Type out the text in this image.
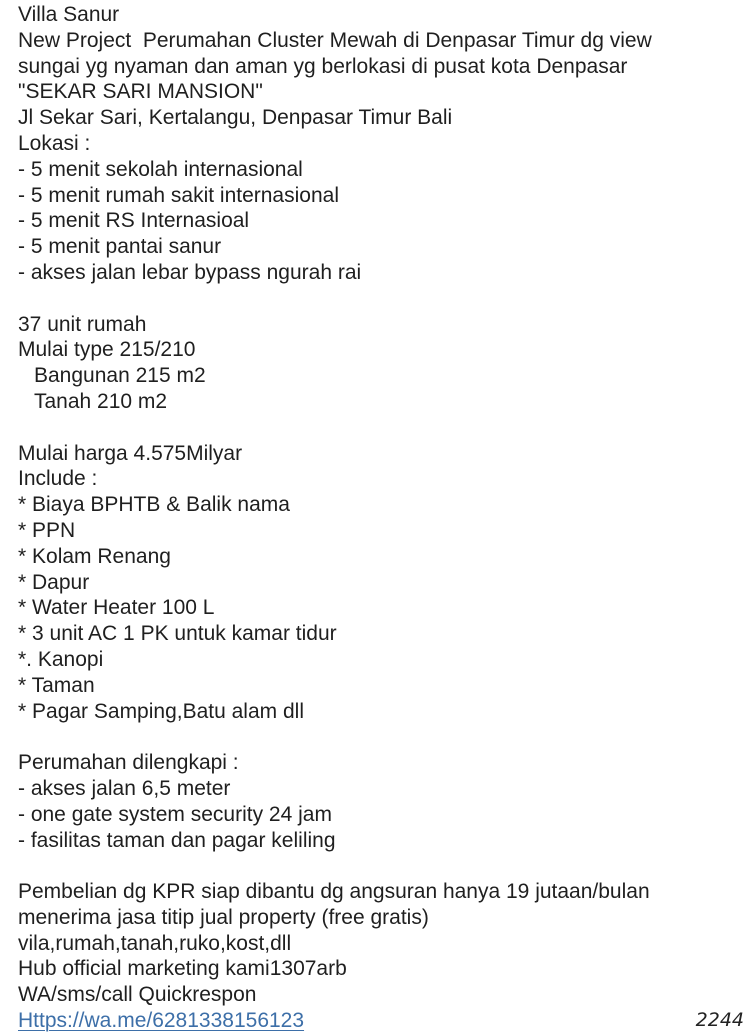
Villa Sanur
New Project  Perumahan Cluster Mewah di Denpasar Timur dg view
sungai yg nyaman dan aman yg berlokasi di pusat kota Denpasar
"SEKAR SARI MANSION"
Jl Sekar Sari, Kertalangu, Denpasar Timur Bali
Lokasi :
- 5 menit sekolah internasional
- 5 menit rumah sakit internasional
- 5 menit RS Internasioal
- 5 menit pantai sanur
- akses jalan lebar bypass ngurah rai
37 unit rumah
Mulai type 215/210
Bangunan 215 m2
Tanah 210 m2
Mulai harga 4.575Milyar
Include :
* Biaya BPHTB & Balik nama
* PPN
* Kolam Renang
* Dapur
* Water Heater 100 L
* 3 unit AC 1 PK untuk kamar tidur
*. Kanopi
* Taman
* Pagar Samping,Batu alam dll
Perumahan dilengkapi :
- akses jalan 6,5 meter
- one gate system security 24 jam
- fasilitas taman dan pagar keliling
Pembelian dg KPR siap dibantu dg angsuran hanya 19 jutaan/bulan
menerima jasa titip jual property (free gratis)
vila,rumah,tanah,ruko,kost,dll
Hub official marketing kami1307arb
WA/sms/call Quickrespon
Https://wa.me/6281338156123	2244
